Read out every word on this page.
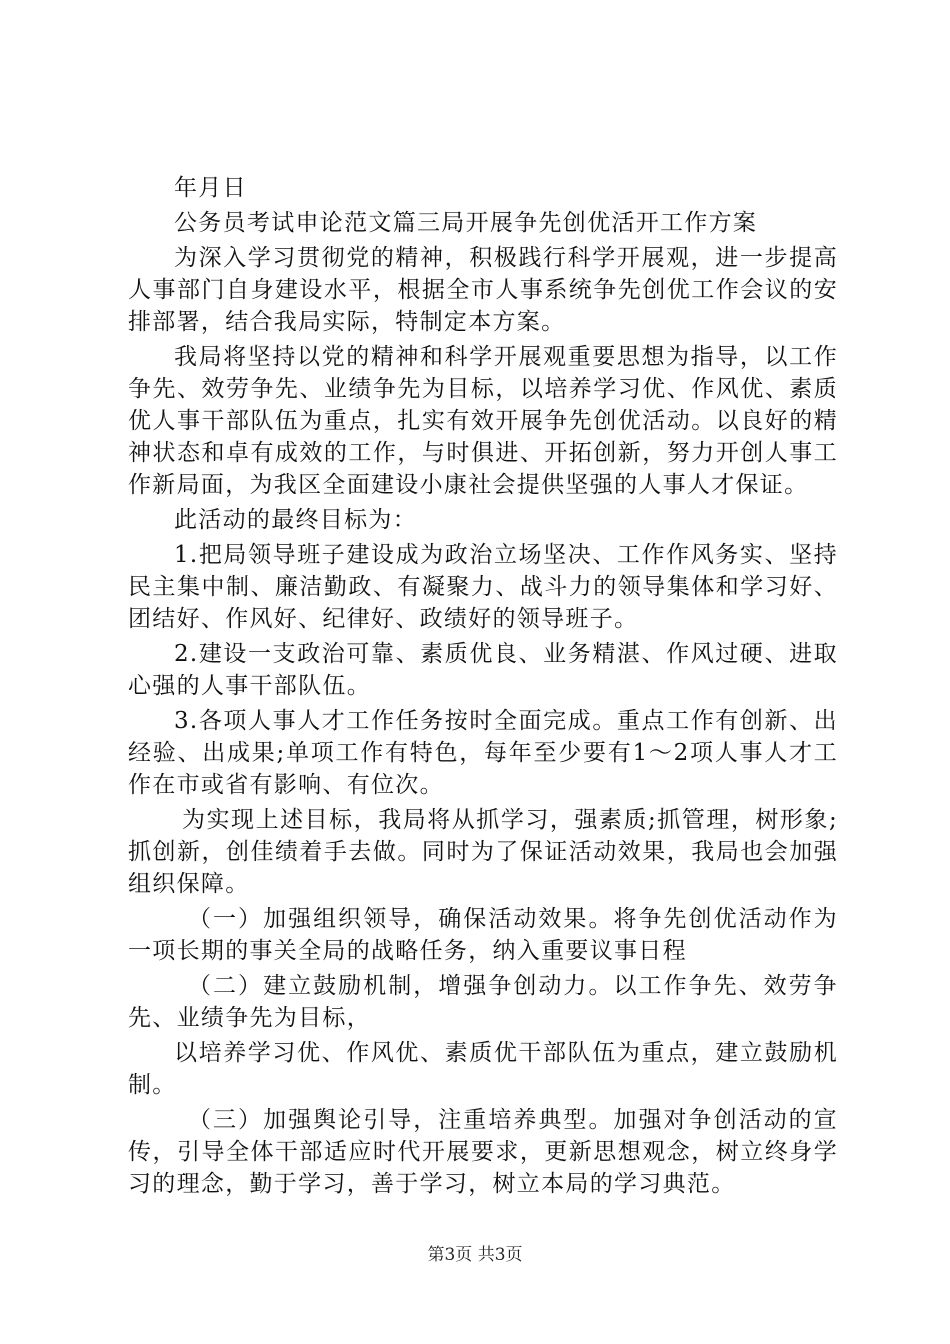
年月日

公务员考试申论范文篇三局开展争先创优活开工作方案

为深入学习贯彻党的精神，积极践行科学开展观，进一步提高人事部门自身建设水平，根据全市人事系统争先创优工作会议的安排部署，结合我局实际，特制定本方案。

我局将坚持以党的精神和科学开展观重要思想为指导，以工作争先、效劳争先、业绩争先为目标，以培养学习优、作风优、素质优人事干部队伍为重点，扎实有效开展争先创优活动。以良好的精神状态和卓有成效的工作，与时俱进、开拓创新，努力开创人事工作新局面，为我区全面建设小康社会提供坚强的人事人才保证。

此活动的最终目标为：

1.把局领导班子建设成为政治立场坚决、工作作风务实、坚持民主集中制、廉洁勤政、有凝聚力、战斗力的领导集体和学习好、团结好、作风好、纪律好、政绩好的领导班子。

2.建设一支政治可靠、素质优良、业务精湛、作风过硬、进取心强的人事干部队伍。

3.各项人事人才工作任务按时全面完成。重点工作有创新、出经验、出成果;单项工作有特色，每年至少要有1～2项人事人才工作在市或省有影响、有位次。

为实现上述目标，我局将从抓学习，强素质;抓管理，树形象;抓创新，创佳绩着手去做。同时为了保证活动效果，我局也会加强组织保障。

（一）加强组织领导，确保活动效果。将争先创优活动作为一项长期的事关全局的战略任务，纳入重要议事日程

（二）建立鼓励机制，增强争创动力。以工作争先、效劳争先、业绩争先为目标，

以培养学习优、作风优、素质优干部队伍为重点，建立鼓励机制。

（三）加强舆论引导，注重培养典型。加强对争创活动的宣传，引导全体干部适应时代开展要求，更新思想观念，树立终身学习的理念，勤于学习，善于学习，树立本局的学习典范。

第3页 共3页
